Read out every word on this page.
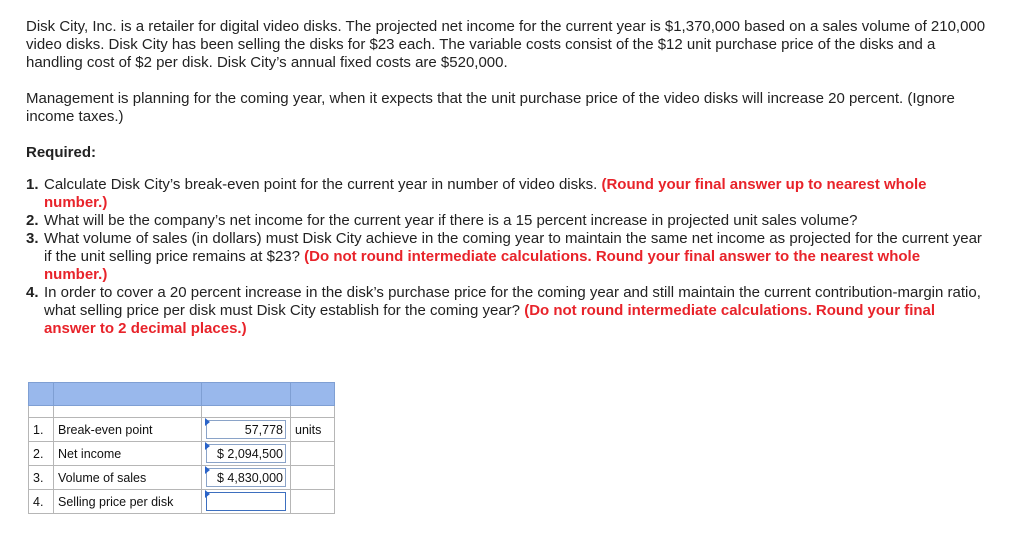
Disk City, Inc. is a retailer for digital video disks. The projected net income for the current year is $1,370,000 based on a sales volume of 210,000 video disks. Disk City has been selling the disks for $23 each. The variable costs consist of the $12 unit purchase price of the disks and a handling cost of $2 per disk. Disk City’s annual fixed costs are $520,000.

Management is planning for the coming year, when it expects that the unit purchase price of the video disks will increase 20 percent. (Ignore income taxes.)

Required:

1. Calculate Disk City’s break-even point for the current year in number of video disks. (Round your final answer up to nearest whole number.)
2. What will be the company’s net income for the current year if there is a 15 percent increase in projected unit sales volume?
3. What volume of sales (in dollars) must Disk City achieve in the coming year to maintain the same net income as projected for the current year if the unit selling price remains at $23? (Do not round intermediate calculations. Round your final answer to the nearest whole number.)
4. In order to cover a 20 percent increase in the disk’s purchase price for the coming year and still maintain the current contribution-margin ratio, what selling price per disk must Disk City establish for the coming year? (Do not round intermediate calculations. Round your final answer to 2 decimal places.)

1.	Break-even point	57,778	units
2.	Net income	$ 2,094,500	

3.	Volume of sales	$ 4,830,000	

4.	Selling price per disk	
